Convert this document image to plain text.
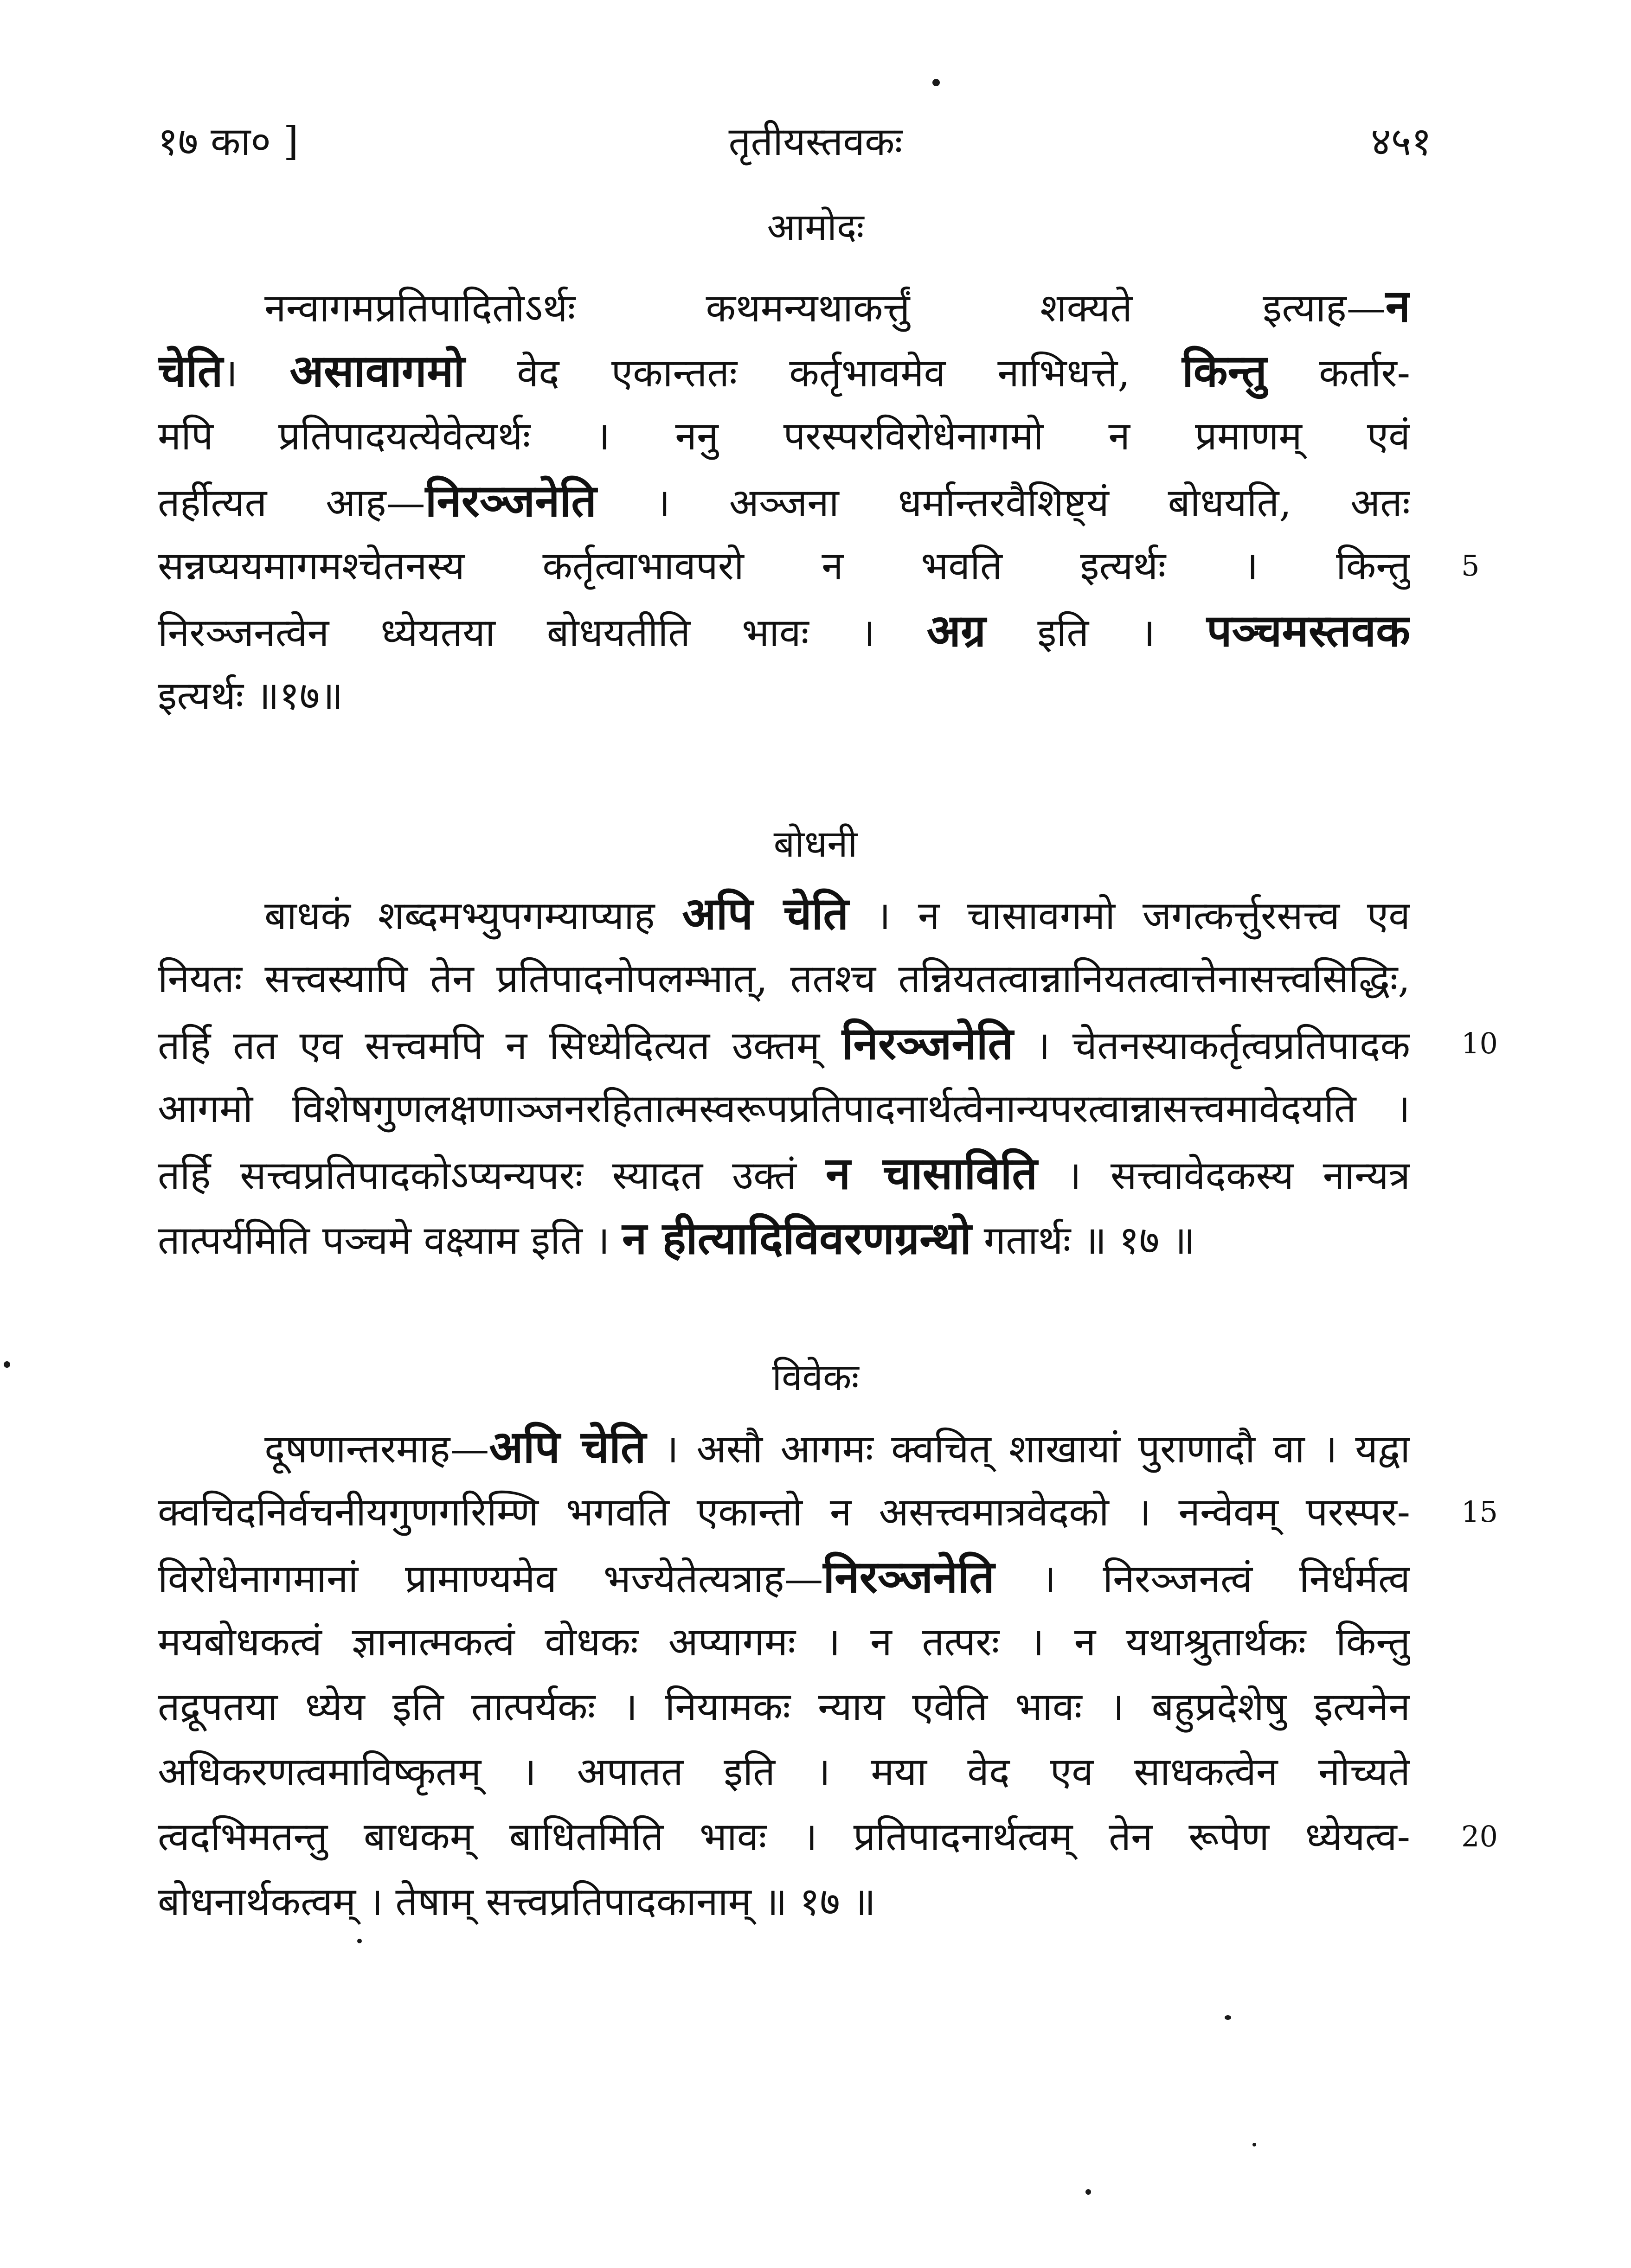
१७ का० ]	तृतीयस्तवकः	४५१
आमोदः
नन्वागमप्रतिपादितोऽर्थः कथमन्यथाकर्त्तुं शक्यते इत्याह—न
चेति। असावागमो वेद एकान्ततः कर्तृभावमेव नाभिधत्ते, किन्तु कर्तार-
मपि प्रतिपादयत्येवेत्यर्थः । ननु परस्परविरोधेनागमो न प्रमाणम् एवं
तर्हीत्यत आह—निरञ्जनेति । अञ्जना धर्मान्तरवैशिष्ट्यं बोधयति, अतः
सन्नप्ययमागमश्चेतनस्य कर्तृत्वाभावपरो न भवति इत्यर्थः । किन्तु
निरञ्जनत्वेन ध्येयतया बोधयतीति भावः । अग्र इति । पञ्चमस्तवक
इत्यर्थः ॥१७॥
बोधनी
बाधकं शब्दमभ्युपगम्याप्याह अपि चेति । न चासावगमो जगत्कर्त्तुरसत्त्व एव
नियतः सत्त्वस्यापि तेन प्रतिपादनोपलम्भात्, ततश्च तन्नियतत्वान्नानियतत्वात्तेनासत्त्वसिद्धिः,
तर्हि तत एव सत्त्वमपि न सिध्येदित्यत उक्तम् निरञ्जनेति । चेतनस्याकर्तृत्वप्रतिपादक
आगमो विशेषगुणलक्षणाञ्जनरहितात्मस्वरूपप्रतिपादनार्थत्वेनान्यपरत्वान्नासत्त्वमावेदयति ।
तर्हि सत्त्वप्रतिपादकोऽप्यन्यपरः स्यादत उक्तं न चासाविति । सत्त्वावेदकस्य नान्यत्र
तात्पर्यमिति पञ्चमे वक्ष्याम इति । न हीत्यादिविवरणग्रन्थो गतार्थः ॥ १७ ॥
विवेकः
दूषणान्तरमाह—अपि चेति । असौ आगमः क्वचित् शाखायां पुराणादौ वा । यद्वा
क्वचिदनिर्वचनीयगुणगरिम्णि भगवति एकान्तो न असत्त्वमात्रवेदको । नन्वेवम् परस्पर-
विरोधेनागमानां प्रामाण्यमेव भज्येतेत्यत्राह—निरञ्जनेति । निरञ्जनत्वं निर्धर्मत्व
मयबोधकत्वं ज्ञानात्मकत्वं वोधकः अप्यागमः । न तत्परः । न यथाश्रुतार्थकः किन्तु
तद्रूपतया ध्येय इति तात्पर्यकः । नियामकः न्याय एवेति भावः । बहुप्रदेशेषु इत्यनेन
अधिकरणत्वमाविष्कृतम् । अपातत इति । मया वेद एव साधकत्वेन नोच्यते
त्वदभिमतन्तु बाधकम् बाधितमिति भावः । प्रतिपादनार्थत्वम् तेन रूपेण ध्येयत्व-
बोधनार्थकत्वम् । तेषाम् सत्त्वप्रतिपादकानाम् ॥ १७ ॥
5
10
15
20
